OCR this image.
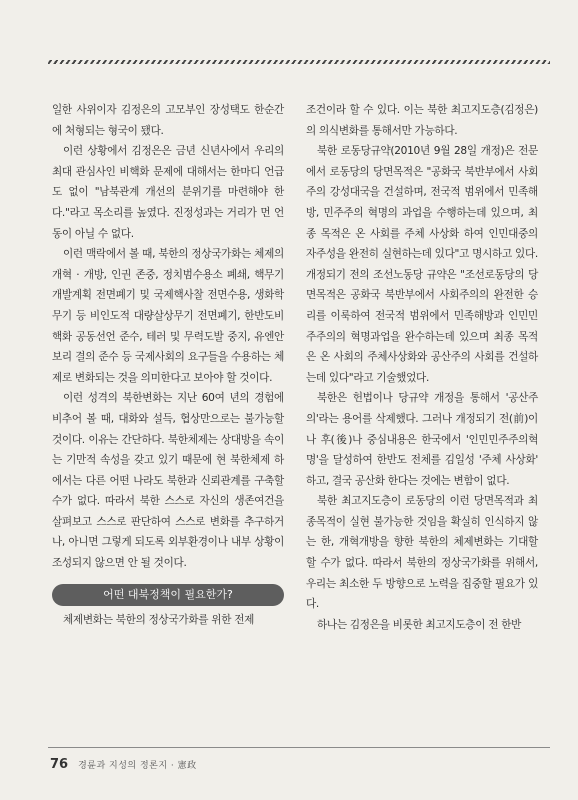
일한 사위이자 김정은의 고모부인 장성택도 한순간에 처형되는 형국이 됐다.

이런 상황에서 김정은은 금년 신년사에서 우리의 최대 관심사인 비핵화 문제에 대해서는 한마디 언급도 없이 "남북관계 개선의 분위기를 마련해야 한다."라고 목소리를 높였다. 진정성과는 거리가 먼 언동이 아닐 수 없다.

이런 맥락에서 볼 때, 북한의 정상국가화는 체제의 개혁 · 개방, 인권 존중, 정치범수용소 폐쇄, 핵무기개발계획 전면폐기 및 국제핵사찰 전면수용, 생화학무기 등 비인도적 대량살상무기 전면폐기, 한반도비핵화 공동선언 준수, 테러 및 무력도발 중지, 유엔안보리 결의 준수 등 국제사회의 요구들을 수용하는 체제로 변화되는 것을 의미한다고 보아야 할 것이다.

이런 성격의 북한변화는 지난 60여 년의 경험에 비추어 볼 때, 대화와 설득, 협상만으로는 불가능할 것이다. 이유는 간단하다. 북한체제는 상대방을 속이는 기만적 속성을 갖고 있기 때문에 현 북한체제 하에서는 다른 어떤 나라도 북한과 신뢰관계를 구축할 수가 없다. 따라서 북한 스스로 자신의 생존여건을 살펴보고 스스로 판단하여 스스로 변화를 추구하거나, 아니면 그렇게 되도록 외부환경이나 내부 상황이 조성되지 않으면 안 될 것이다.

어떤 대북정책이 필요한가?

체제변화는 북한의 정상국가화를 위한 전제

조건이라 할 수 있다. 이는 북한 최고지도층(김정은)의 의식변화를 통해서만 가능하다.

북한 로동당규약(2010년 9월 28일 개정)은 전문에서 로동당의 당면목적은 "공화국 북반부에서 사회주의 강성대국을 건설하며, 전국적 범위에서 민족해방, 민주주의 혁명의 과업을 수행하는데 있으며, 최종 목적은 온 사회를 주체 사상화 하여 인민대중의 자주성을 완전히 실현하는데 있다"고 명시하고 있다. 개정되기 전의 조선노동당 규약은 "조선로동당의 당면목적은 공화국 북반부에서 사회주의의 완전한 승리를 이룩하여 전국적 범위에서 민족해방과 인민민주주의의 혁명과업을 완수하는데 있으며 최종 목적은 온 사회의 주체사상화와 공산주의 사회를 건설하는데 있다"라고 기술했었다.

북한은 헌법이나 당규약 개정을 통해서 '공산주의'라는 용어를 삭제했다. 그러나 개정되기 전(前)이나 후(後)나 중심내용은 한국에서 '인민민주주의혁명'을 달성하여 한반도 전체를 김일성 '주체 사상화' 하고, 결국 공산화 한다는 것에는 변함이 없다.

북한 최고지도층이 로동당의 이런 당면목적과 최종목적이 실현 불가능한 것임을 확실히 인식하지 않는 한, 개혁개방을 향한 북한의 체제변화는 기대할 할 수가 없다. 따라서 북한의 정상국가화를 위해서, 우리는 최소한 두 방향으로 노력을 집중할 필요가 있다.

하나는 김정은을 비롯한 최고지도층이 전 한반

76 경륜과 지성의 정론지 · 憲政
